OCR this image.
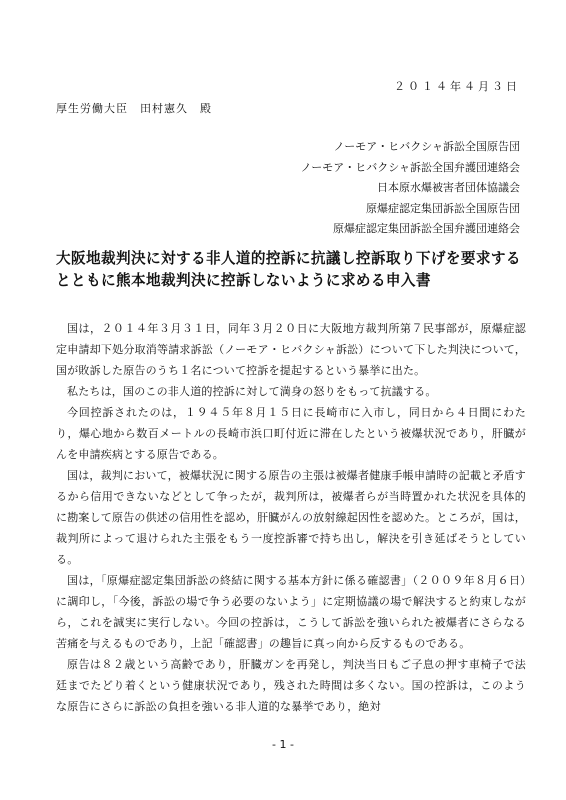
２０１４年４月３日
厚生労働大臣　田村憲久　殿
ノーモア・ヒバクシャ訴訟全国原告団
ノーモア・ヒバクシャ訴訟全国弁護団連絡会
日本原水爆被害者団体協議会
原爆症認定集団訴訟全国原告団
原爆症認定集団訴訟全国弁護団連絡会
大阪地裁判決に対する非人道的控訴に抗議し控訴取り下げを要求する
とともに熊本地裁判決に控訴しないように求める申入書

国は，２０１４年３月３１日，同年３月２０日に大阪地方裁判所第７民事部が，原爆症認定申請却下処分取消等請求訴訟（ノーモア・ヒバクシャ訴訟）について下した判決について，国が敗訴した原告のうち１名について控訴を提起するという暴挙に出た。

私たちは，国のこの非人道的控訴に対して満身の怒りをもって抗議する。

今回控訴されたのは，１９４５年８月１５日に長崎市に入市し，同日から４日間にわたり，爆心地から数百メートルの長崎市浜口町付近に滞在したという被爆状況であり，肝臓がんを申請疾病とする原告である。

国は，裁判において，被爆状況に関する原告の主張は被爆者健康手帳申請時の記載と矛盾するから信用できないなどとして争ったが，裁判所は，被爆者らが当時置かれた状況を具体的に勘案して原告の供述の信用性を認め，肝臓がんの放射線起因性を認めた。ところが，国は，裁判所によって退けられた主張をもう一度控訴審で持ち出し，解決を引き延ばそうとしている。

国は，「原爆症認定集団訴訟の終結に関する基本方針に係る確認書」（２００９年８月６日）に調印し，「今後，訴訟の場で争う必要のないよう」に定期協議の場で解決すると約束しながら，これを誠実に実行しない。今回の控訴は，こうして訴訟を強いられた被爆者にさらなる苦痛を与えるものであり，上記「確認書」の趣旨に真っ向から反するものである。

原告は８２歳という高齢であり，肝臓ガンを再発し，判決当日もご子息の押す車椅子で法廷までたどり着くという健康状況であり，残された時間は多くない。国の控訴は，このような原告にさらに訴訟の負担を強いる非人道的な暴挙であり，絶対

- 1 -
